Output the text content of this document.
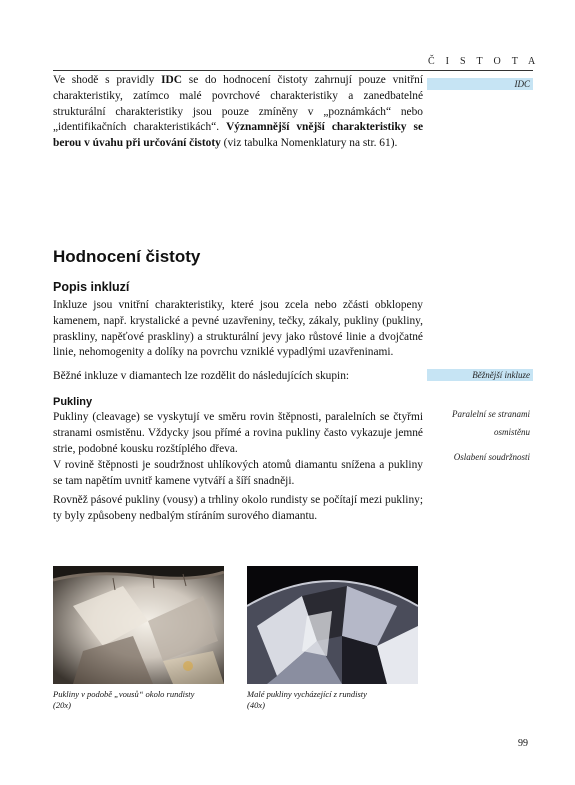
ČISTOTA
IDC

Ve shodě s pravidly IDC se do hodnocení čistoty zahrnují pouze vnitřní charakteristiky, zatímco malé povrchové charakteristiky a zanedbatelné strukturální charakteristiky jsou pouze zmíněny v „poznámkách“ nebo „identifikačních charakteristikách“. Významnější vnější charakteristiky se berou v úvahu při určování čistoty (viz tabulka Nomenklatury na str. 61).

Hodnocení čistoty
Popis inkluzí

Inkluze jsou vnitřní charakteristiky, které jsou zcela nebo zčásti obklopeny kamenem, např. krystalické a pevné uzavřeniny, tečky, zákaly, pukliny (pukliny, praskliny, napěťové praskliny) a strukturální jevy jako růstové linie a dvojčatné linie, nehomogenity a dolíky na povrchu vzniklé vypadlými uzavřeninami.

Běžné inkluze v diamantech lze rozdělit do následujících skupin:	Běžnější inkluze
Pukliny

Pukliny (cleavage) se vyskytují ve směru rovin štěpnosti, paralelních se čtyřmi stranami osmistěnu. Vždycky jsou přímé a rovina pukliny často vykazuje jemné strie, podobné kousku rozštíplého dřeva.

V rovině štěpnosti je soudržnost uhlíkových atomů diamantu snížena a pukliny se tam napětím uvnitř kamene vytváří a šíří snadněji.

Rovněž pásové pukliny (vousy) a trhliny okolo rundisty se počítají mezi pukliny; ty byly způsobeny nedbalým stíráním surového diamantu.

Paralelní se stranami
osmistěnu
Oslabení soudržnosti
Pukliny v podobě „vousů“ okolo rundisty
(20x)
Malé pukliny vycházející z rundisty
(40x)
99
